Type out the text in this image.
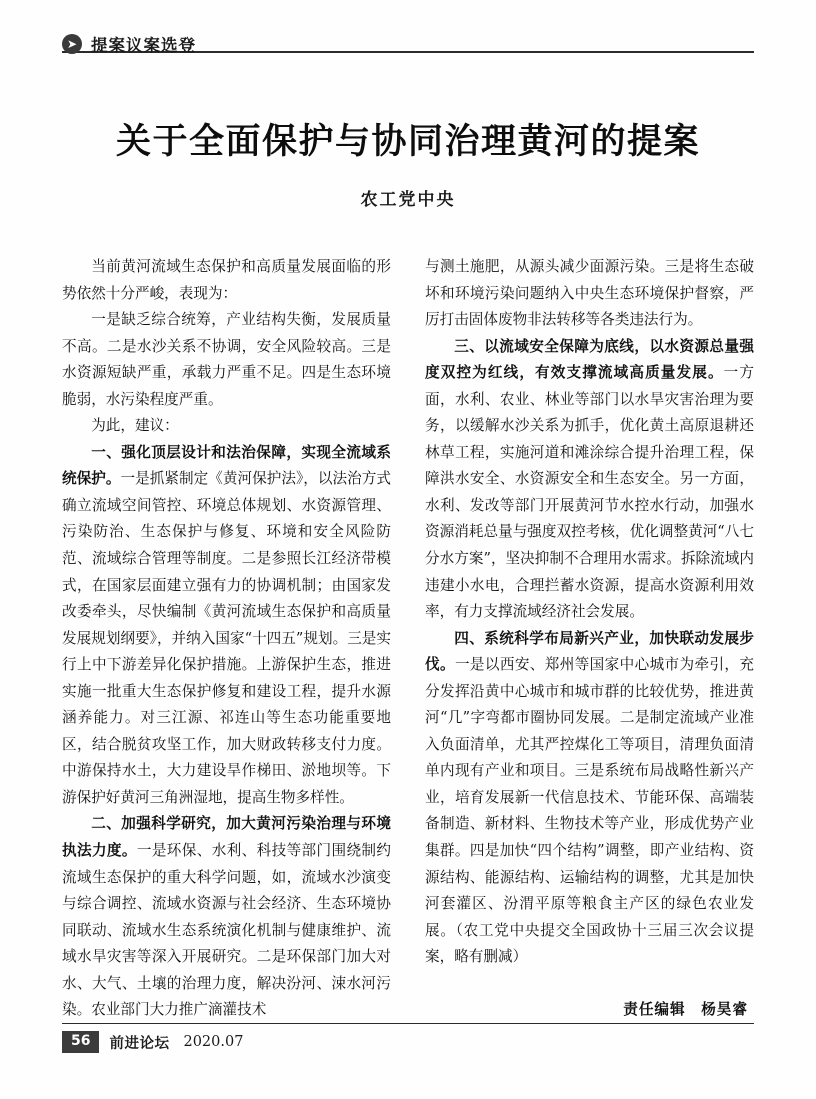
➤ 提案议案选登
关于全面保护与协同治理黄河的提案
农工党中央

当前黄河流域生态保护和高质量发展面临的形势依然十分严峻，表现为：

一是缺乏综合统筹，产业结构失衡，发展质量不高。二是水沙关系不协调，安全风险较高。三是水资源短缺严重，承载力严重不足。四是生态环境脆弱，水污染程度严重。

为此，建议：

一、强化顶层设计和法治保障，实现全流域系统保护。一是抓紧制定《黄河保护法》，以法治方式确立流域空间管控、环境总体规划、水资源管理、污染防治、生态保护与修复、环境和安全风险防范、流域综合管理等制度。二是参照长江经济带模式，在国家层面建立强有力的协调机制；由国家发改委牵头，尽快编制《黄河流域生态保护和高质量发展规划纲要》，并纳入国家“十四五”规划。三是实行上中下游差异化保护措施。上游保护生态，推进实施一批重大生态保护修复和建设工程，提升水源涵养能力。对三江源、祁连山等生态功能重要地区，结合脱贫攻坚工作，加大财政转移支付力度。中游保持水土，大力建设旱作梯田、淤地坝等。下游保护好黄河三角洲湿地，提高生物多样性。

二、加强科学研究，加大黄河污染治理与环境执法力度。一是环保、水利、科技等部门围绕制约流域生态保护的重大科学问题，如，流域水沙演变与综合调控、流域水资源与社会经济、生态环境协同联动、流域水生态系统演化机制与健康维护、流域水旱灾害等深入开展研究。二是环保部门加大对水、大气、土壤的治理力度，解决汾河、涑水河污染。农业部门大力推广滴灌技术

与测土施肥，从源头减少面源污染。三是将生态破坏和环境污染问题纳入中央生态环境保护督察，严厉打击固体废物非法转移等各类违法行为。

三、以流域安全保障为底线，以水资源总量强度双控为红线，有效支撑流域高质量发展。一方面，水利、农业、林业等部门以水旱灾害治理为要务，以缓解水沙关系为抓手，优化黄土高原退耕还林草工程，实施河道和滩涂综合提升治理工程，保障洪水安全、水资源安全和生态安全。另一方面，水利、发改等部门开展黄河节水控水行动，加强水资源消耗总量与强度双控考核，优化调整黄河“八七分水方案”，坚决抑制不合理用水需求。拆除流域内违建小水电，合理拦蓄水资源，提高水资源利用效率，有力支撑流域经济社会发展。

四、系统科学布局新兴产业，加快联动发展步伐。一是以西安、郑州等国家中心城市为牵引，充分发挥沿黄中心城市和城市群的比较优势，推进黄河“几”字弯都市圈协同发展。二是制定流域产业准入负面清单，尤其严控煤化工等项目，清理负面清单内现有产业和项目。三是系统布局战略性新兴产业，培育发展新一代信息技术、节能环保、高端装备制造、新材料、生物技术等产业，形成优势产业集群。四是加快“四个结构”调整，即产业结构、资源结构、能源结构、运输结构的调整，尤其是加快河套灌区、汾渭平原等粮食主产区的绿色农业发展。（农工党中央提交全国政协十三届三次会议提案，略有删减）

责任编辑　杨昊睿
56	前进论坛 2020.07
